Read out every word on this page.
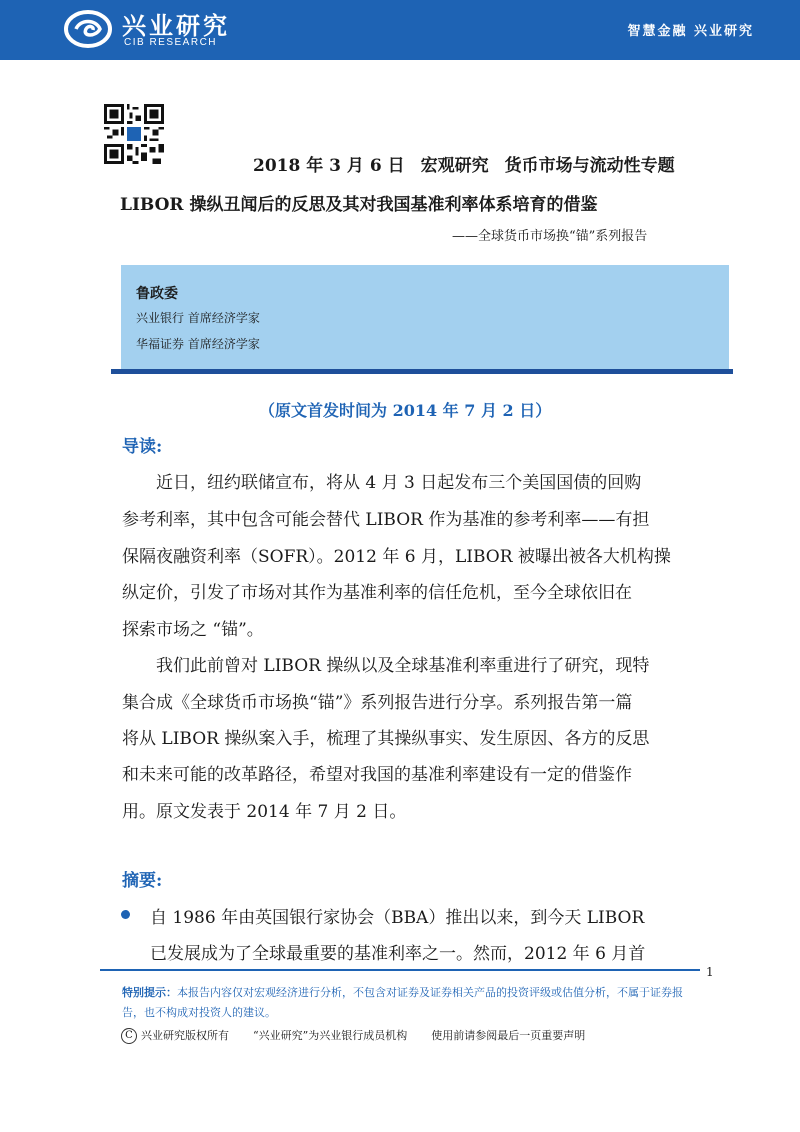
兴业研究
CIB RESEARCH
智慧金融 兴业研究
2018 年 3 月 6 日 宏观研究 货币市场与流动性专题
LIBOR 操纵丑闻后的反思及其对我国基准利率体系培育的借鉴
——全球货币市场换“锚”系列报告
鲁政委
兴业银行 首席经济学家
华福证券 首席经济学家
（原文首发时间为 2014 年 7 月 2 日）
导读:
　　近日，纽约联储宣布，将从 4 月 3 日起发布三个美国国债的回购
参考利率，其中包含可能会替代 LIBOR 作为基准的参考利率——有担
保隔夜融资利率（SOFR）。2012 年 6 月，LIBOR 被曝出被各大机构操
纵定价，引发了市场对其作为基准利率的信任危机，至今全球依旧在
探索市场之 “锚”。
　　我们此前曾对 LIBOR 操纵以及全球基准利率重进行了研究，现特
集合成《全球货币市场换“锚”》系列报告进行分享。系列报告第一篇
将从 LIBOR 操纵案入手，梳理了其操纵事实、发生原因、各方的反思
和未来可能的改革路径，希望对我国的基准利率建设有一定的借鉴作
用。原文发表于 2014 年 7 月 2 日。
摘要:
自 1986 年由英国银行家协会（BBA）推出以来，到今天 LIBOR
已发展成为了全球最重要的基准利率之一。然而，2012 年 6 月首
1
特别提示：本报告内容仅对宏观经济进行分析，不包含对证券及证券相关产品的投资评级或估值分析，不属于证券报告，也不构成对投资人的建议。
C 兴业研究版权所有 “兴业研究”为兴业银行成员机构 使用前请参阅最后一页重要声明
